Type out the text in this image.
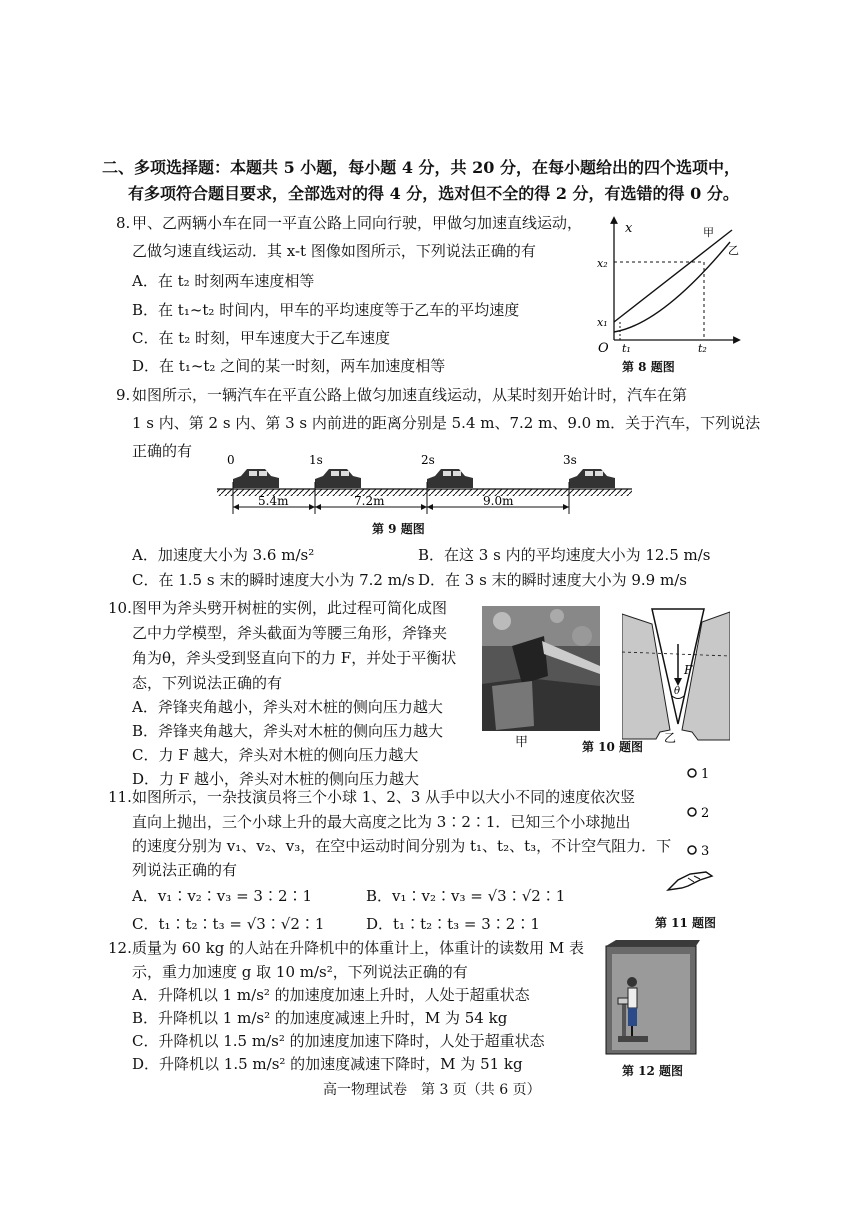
二、多项选择题：本题共 5 小题，每小题 4 分，共 20 分，在每小题给出的四个选项中，
有多项符合题目要求，全部选对的得 4 分，选对但不全的得 2 分，有选错的得 0 分。
8. 甲、乙两辆小车在同一平直公路上同向行驶，甲做匀加速直线运动，
乙做匀速直线运动．其 x-t 图像如图所示，下列说法正确的有
A．在 t₂ 时刻两车速度相等
B．在 t₁~t₂ 时间内，甲车的平均速度等于乙车的平均速度
C．在 t₂ 时刻，甲车速度大于乙车速度
D．在 t₁~t₂ 之间的某一时刻，两车加速度相等
x
O
x₁
x₂
t₁	t₂
甲
乙
第 8 题图
9. 如图所示，一辆汽车在平直公路上做匀加速直线运动，从某时刻开始计时，汽车在第
1 s 内、第 2 s 内、第 3 s 内前进的距离分别是 5.4 m、7.2 m、9.0 m．关于汽车，下列说法
正确的有	0	1s	2s	3s
5.4m	7.2m	9.0m
第 9 题图
A．加速度大小为 3.6 m/s²	B．在这 3 s 内的平均速度大小为 12.5 m/s
C．在 1.5 s 末的瞬时速度大小为 7.2 m/s D．在 3 s 末的瞬时速度大小为 9.9 m/s
10. 图甲为斧头劈开树桩的实例，此过程可简化成图
乙中力学模型，斧头截面为等腰三角形，斧锋夹
角为θ，斧头受到竖直向下的力 F，并处于平衡状
态，下列说法正确的有
A．斧锋夹角越小，斧头对木桩的侧向压力越大
B．斧锋夹角越大，斧头对木桩的侧向压力越大
C．力 F 越大，斧头对木桩的侧向压力越大
D．力 F 越小，斧头对木桩的侧向压力越大
甲	第 10 题图
F
θ
乙
11. 如图所示，一杂技演员将三个小球 1、2、3 从手中以大小不同的速度依次竖
直向上抛出，三个小球上升的最大高度之比为 3∶2∶1．已知三个小球抛出
的速度分别为 v₁、v₂、v₃，在空中运动时间分别为 t₁、t₂、t₃，不计空气阻力．下
列说法正确的有
A．v₁∶v₂∶v₃ = 3∶2∶1	B．v₁∶v₂∶v₃ = √3∶√2∶1
C．t₁∶t₂∶t₃ = √3∶√2∶1	D．t₁∶t₂∶t₃ = 3∶2∶1
1
2
3
第 11 题图
12. 质量为 60 kg 的人站在升降机中的体重计上，体重计的读数用 M 表
示，重力加速度 g 取 10 m/s²，下列说法正确的有
A．升降机以 1 m/s² 的加速度加速上升时，人处于超重状态
B．升降机以 1 m/s² 的加速度减速上升时，M 为 54 kg
C．升降机以 1.5 m/s² 的加速度加速下降时，人处于超重状态
D．升降机以 1.5 m/s² 的加速度减速下降时，M 为 51 kg	第 12 题图
高一物理试卷　第 3 页（共 6 页）
